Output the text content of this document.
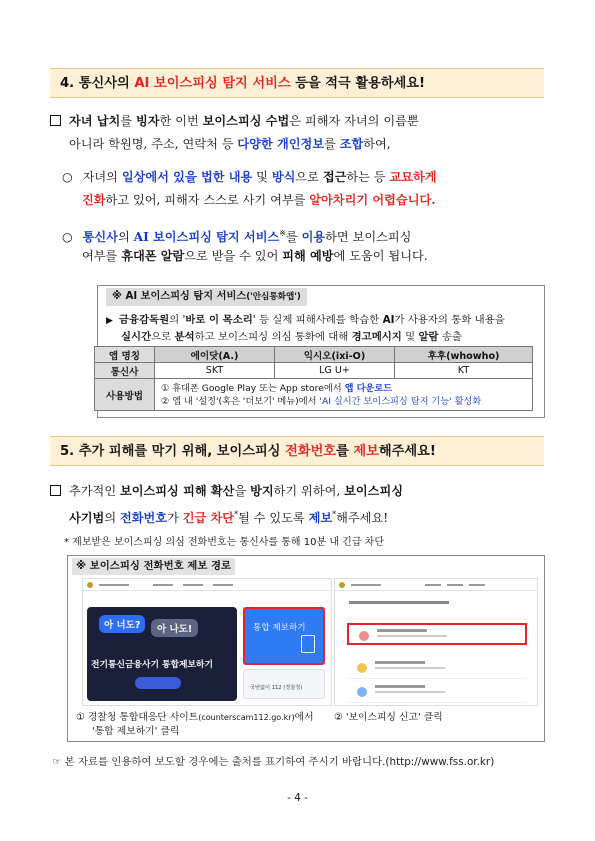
4. 통신사의 AI 보이스피싱 탐지 서비스 등을 적극 활용하세요!
자녀 납치를 빙자한 이번 보이스피싱 수법은 피해자 자녀의 이름뿐
아니라 학원명, 주소, 연락처 등 다양한 개인정보를 조합하여,
○ 자녀의 일상에서 있을 법한 내용 및 방식으로 접근하는 등 교묘하게
진화하고 있어, 피해자 스스로 사기 여부를 알아차리기 어렵습니다.
○ 통신사의 AI 보이스피싱 탐지 서비스※를 이용하면 보이스피싱
여부를 휴대폰 알람으로 받을 수 있어 피해 예방에 도움이 됩니다.
※ AI 보이스피싱 탐지 서비스('안심통화앱')
▶ 금융감독원의 '바로 이 목소리' 등 실제 피해사례를 학습한 AI가 사용자의 통화 내용을
실시간으로 분석하고 보이스피싱 의심 통화에 대해 경고메시지 및 알람 송출
앱 명칭	에이닷(A.)	익시오(ixi-O)	후후(whowho)
통신사	SKT	LG U+	KT
사용방법	① 휴대폰 Google Play 또는 App store에서 앱 다운로드
② 앱 내 '설정'(혹은 '더보기' 메뉴)에서 'AI 실시간 보이스피싱 탐지 기능' 활성화		
5. 추가 피해를 막기 위해, 보이스피싱 전화번호를 제보해주세요!
추가적인 보이스피싱 피해 확산을 방지하기 위하여, 보이스피싱
사기범의 전화번호가 긴급 차단*될 수 있도록 제보*해주세요!
* 제보받은 보이스피싱 의심 전화번호는 통신사를 통해 10분 내 긴급 차단
※ 보이스피싱 전화번호 제보 경로
아 너도?	아 나도!
전기통신금융사기 통합제보하기
통합 제보하기
국번없이 112 (경찰청)
① 경찰청 통합대응단 사이트(counterscam112.go.kr)에서
'통합 제보하기' 클릭
② '보이스피싱 신고' 클릭
☞ 본 자료를 인용하여 보도할 경우에는 출처를 표기하여 주시기 바랍니다.(http://www.fss.or.kr)
- 4 -
